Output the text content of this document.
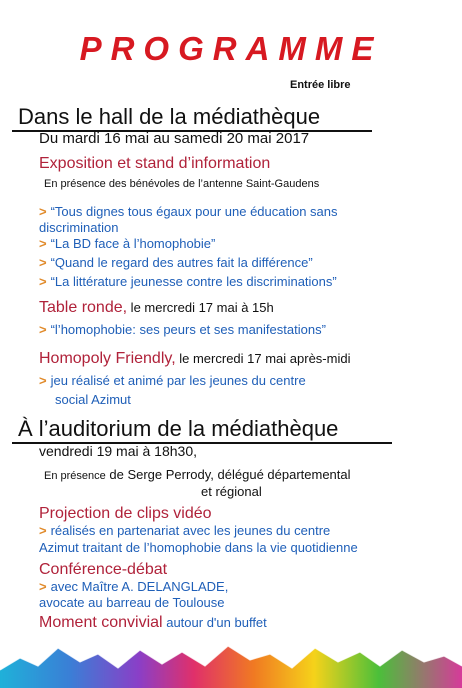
PROGRAMME
Entrée libre
Dans le hall de la médiathèque
Du mardi 16 mai au samedi 20 mai 2017
Exposition et stand d’information
En présence des bénévoles de l’antenne Saint-Gaudens
> “Tous dignes tous égaux pour une éducation sans
discrimination
> “La BD face à l’homophobie”
> “Quand le regard des autres fait la différence”
> “La littérature jeunesse contre les discriminations”
Table ronde, le mercredi 17 mai à 15h
> “l’homophobie: ses peurs et ses manifestations”
Homopoly Friendly, le mercredi 17 mai après-midi
> jeu réalisé et animé par les jeunes du centre
social Azimut
À l’auditorium de la médiathèque
vendredi 19 mai à 18h30,
En présence de Serge Perrody, délégué départemental
et régional
Projection de clips vidéo
> réalisés en partenariat avec les jeunes du centre
Azimut traitant de l’homophobie dans la vie quotidienne
Conférence-débat
> avec Maître A. DELANGLADE,
avocate au barreau de Toulouse
Moment convivial autour d'un buffet
